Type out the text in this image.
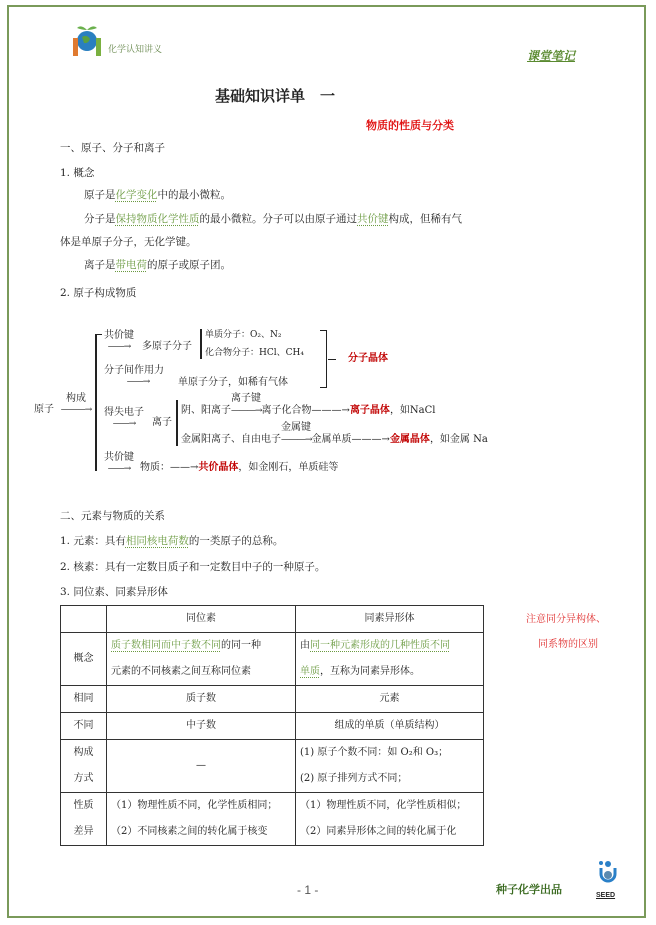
化学认知讲义	课堂笔记
基础知识详单　一
物质的性质与分类
一、原子、分子和离子
1. 概念
原子是化学变化中的最小微粒。
分子是保持物质化学性质的最小微粒。分子可以由原子通过共价键构成，但稀有气
体是单原子分子，无化学键。
离子是带电荷的原子或原子团。
2. 原子构成物质
原子
构成
———→
共价键
——→	多原子分子
单质分子：O₂、N₂
化合物分子：HCl、CH₄	分子晶体
分子间作用力
　——→	单原子分子，如稀有气体
得失电子
——→	离子
阴、阳离子
离子键
———→离子化合物———→离子晶体，如NaCl
金属阳离子、自由电子
金属键
———→金属单质———→金属晶体，如金属 Na
共价键
——→ 物质：——→共价晶体，如金刚石，单质硅等
二、元素与物质的关系
1. 元素：具有相同核电荷数的一类原子的总称。
2. 核素：具有一定数目质子和一定数目中子的一种原子。
3. 同位素、同素异形体
	同位素	同素异形体
概念	质子数相同而中子数不同的同一种
元素的不同核素之间互称同位素	由同一种元素形成的几种性质不同
单质，互称为同素异形体。
相同	质子数	元素
不同	中子数	组成的单质（单质结构）
构成
方式	—	(1) 原子个数不同：如 O₂和 O₃；
(2) 原子排列方式不同；
性质
差异	（1）物理性质不同，化学性质相同；
（2）不同核素之间的转化属于核变	（1）物理性质不同，化学性质相似；
（2）同素异形体之间的转化属于化
注意同分异构体、
同系物的区别
- 1 -	种子化学出品	SEED
